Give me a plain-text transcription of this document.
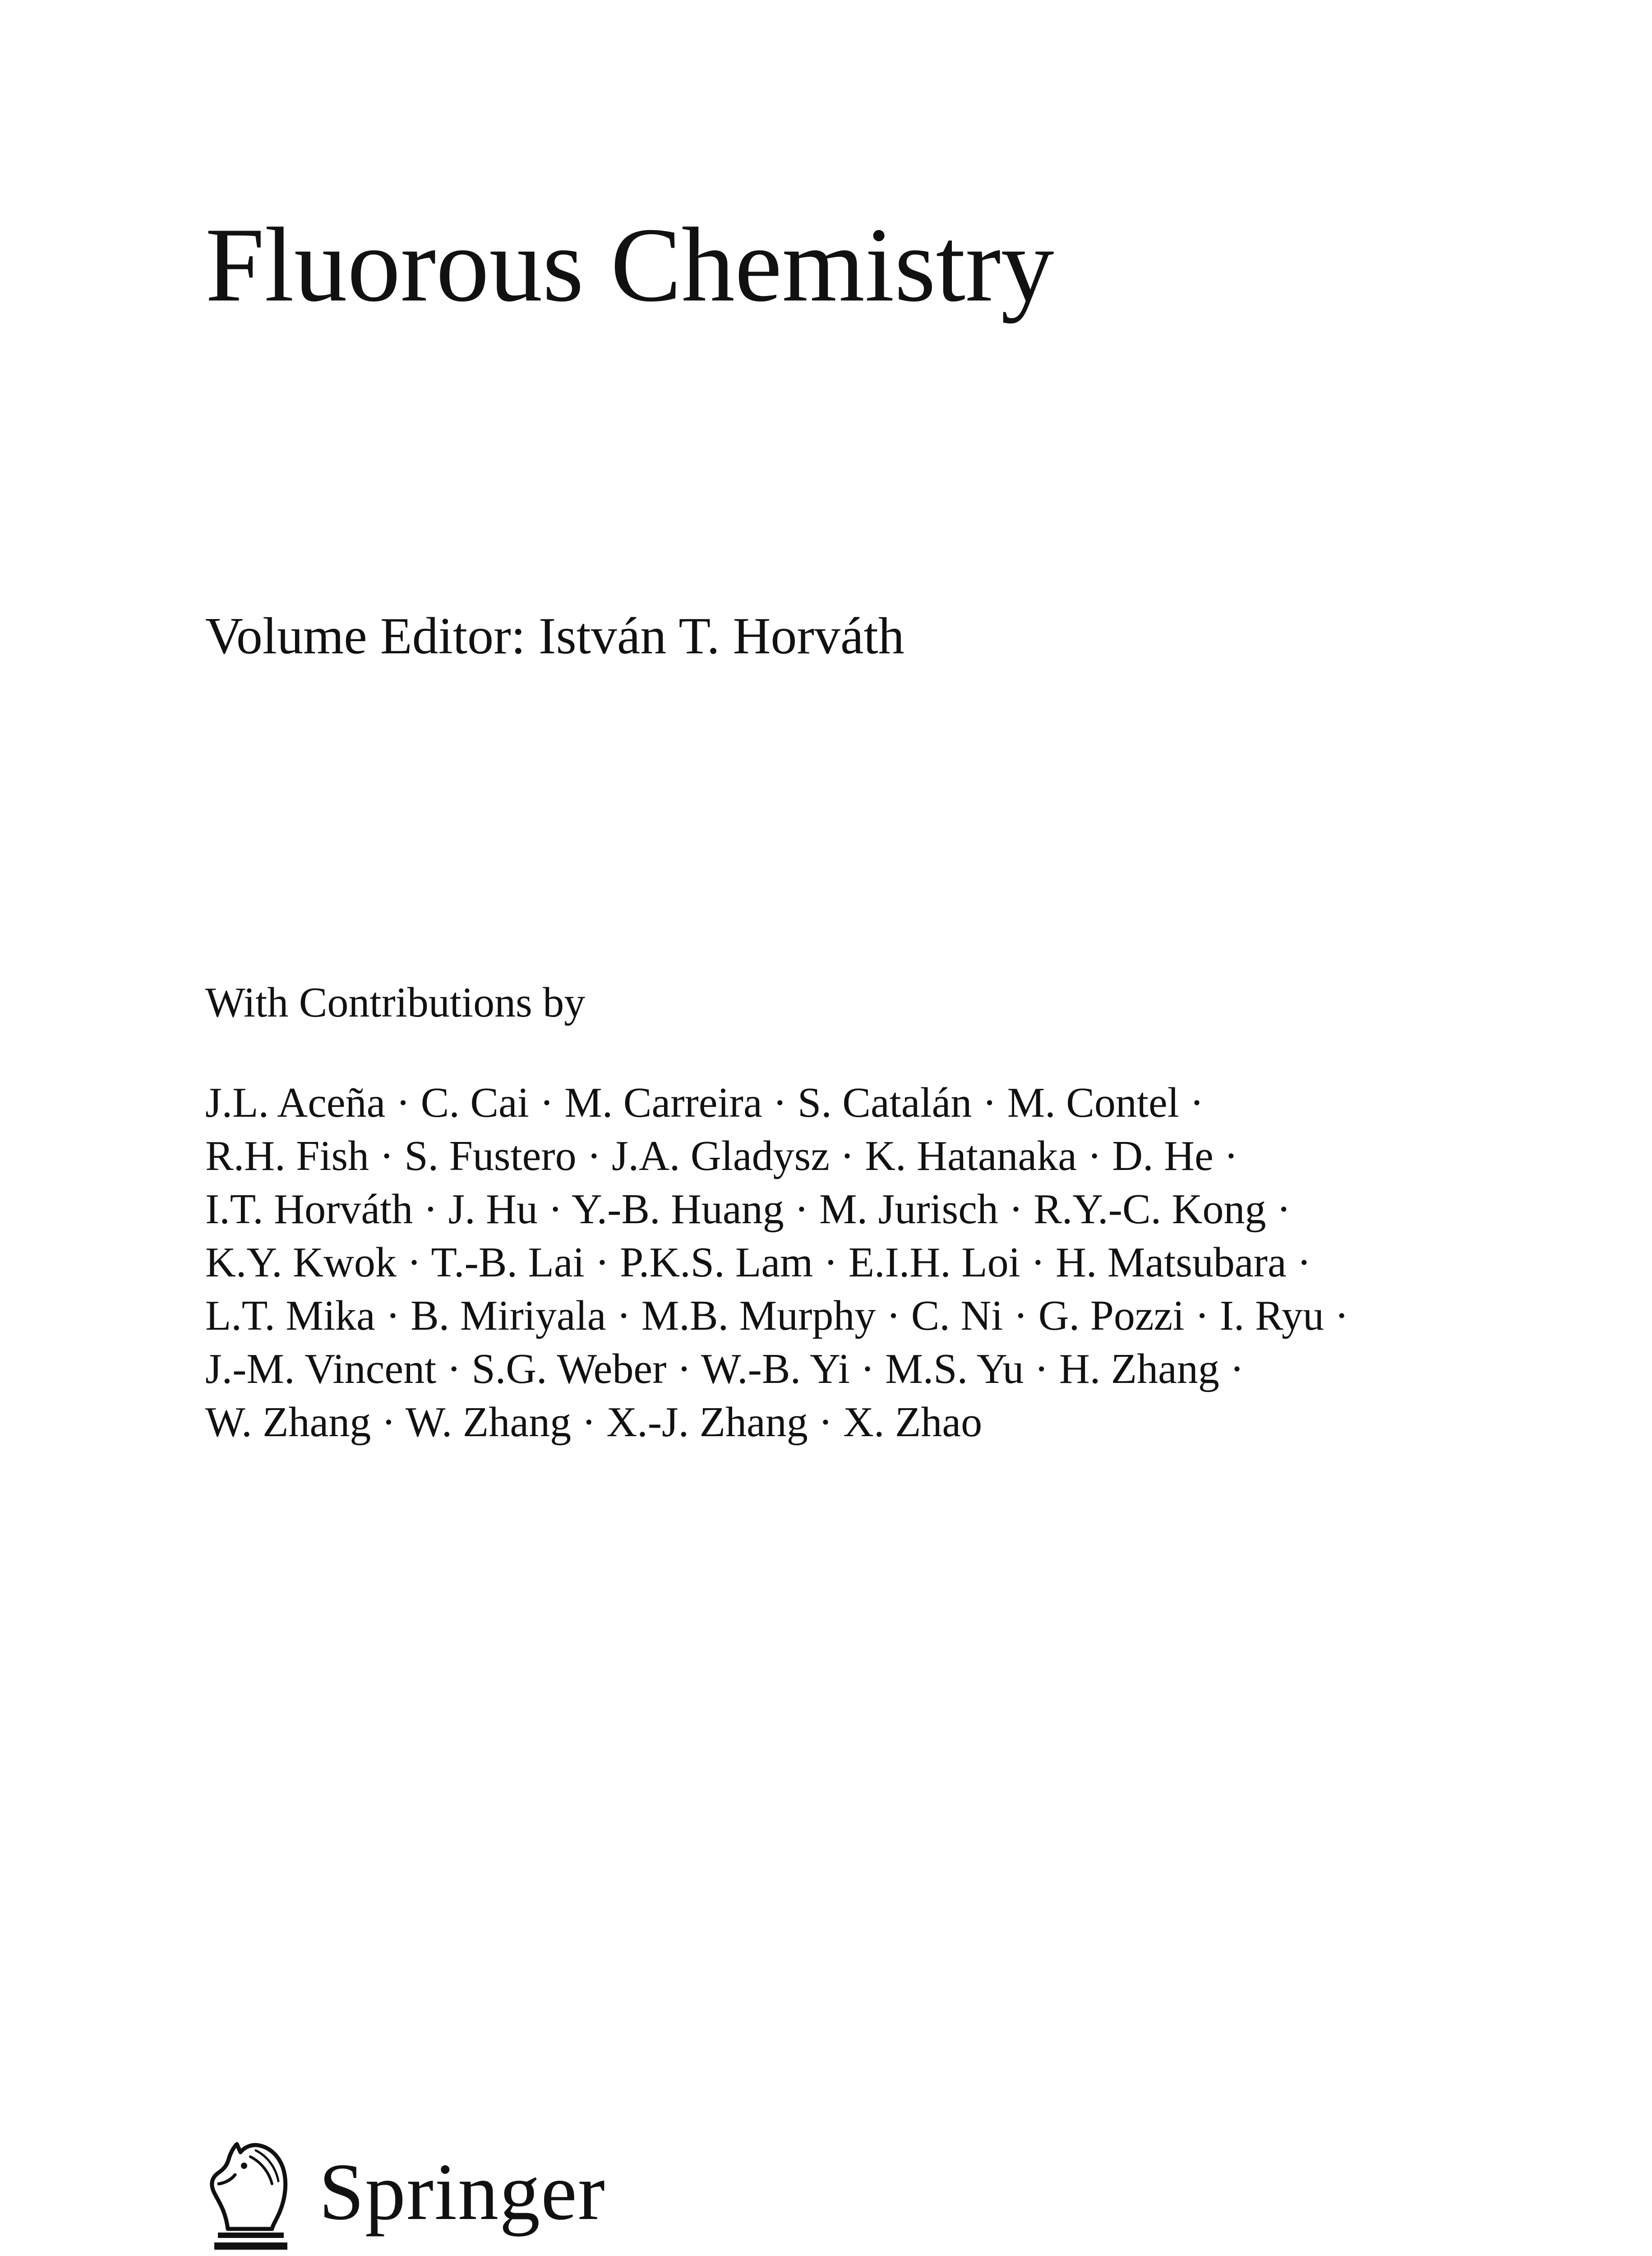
Fluorous Chemistry

Volume Editor: István T. Horváth

With Contributions by

J.L. Aceña · C. Cai · M. Carreira · S. Catalán · M. Contel ·
R.H. Fish · S. Fustero · J.A. Gladysz · K. Hatanaka · D. He ·
I.T. Horváth · J. Hu · Y.-B. Huang · M. Jurisch · R.Y.-C. Kong ·
K.Y. Kwok · T.-B. Lai · P.K.S. Lam · E.I.H. Loi · H. Matsubara ·
L.T. Mika · B. Miriyala · M.B. Murphy · C. Ni · G. Pozzi · I. Ryu ·
J.-M. Vincent · S.G. Weber · W.-B. Yi · M.S. Yu · H. Zhang ·
W. Zhang · W. Zhang · X.-J. Zhang · X. Zhao
Springer
